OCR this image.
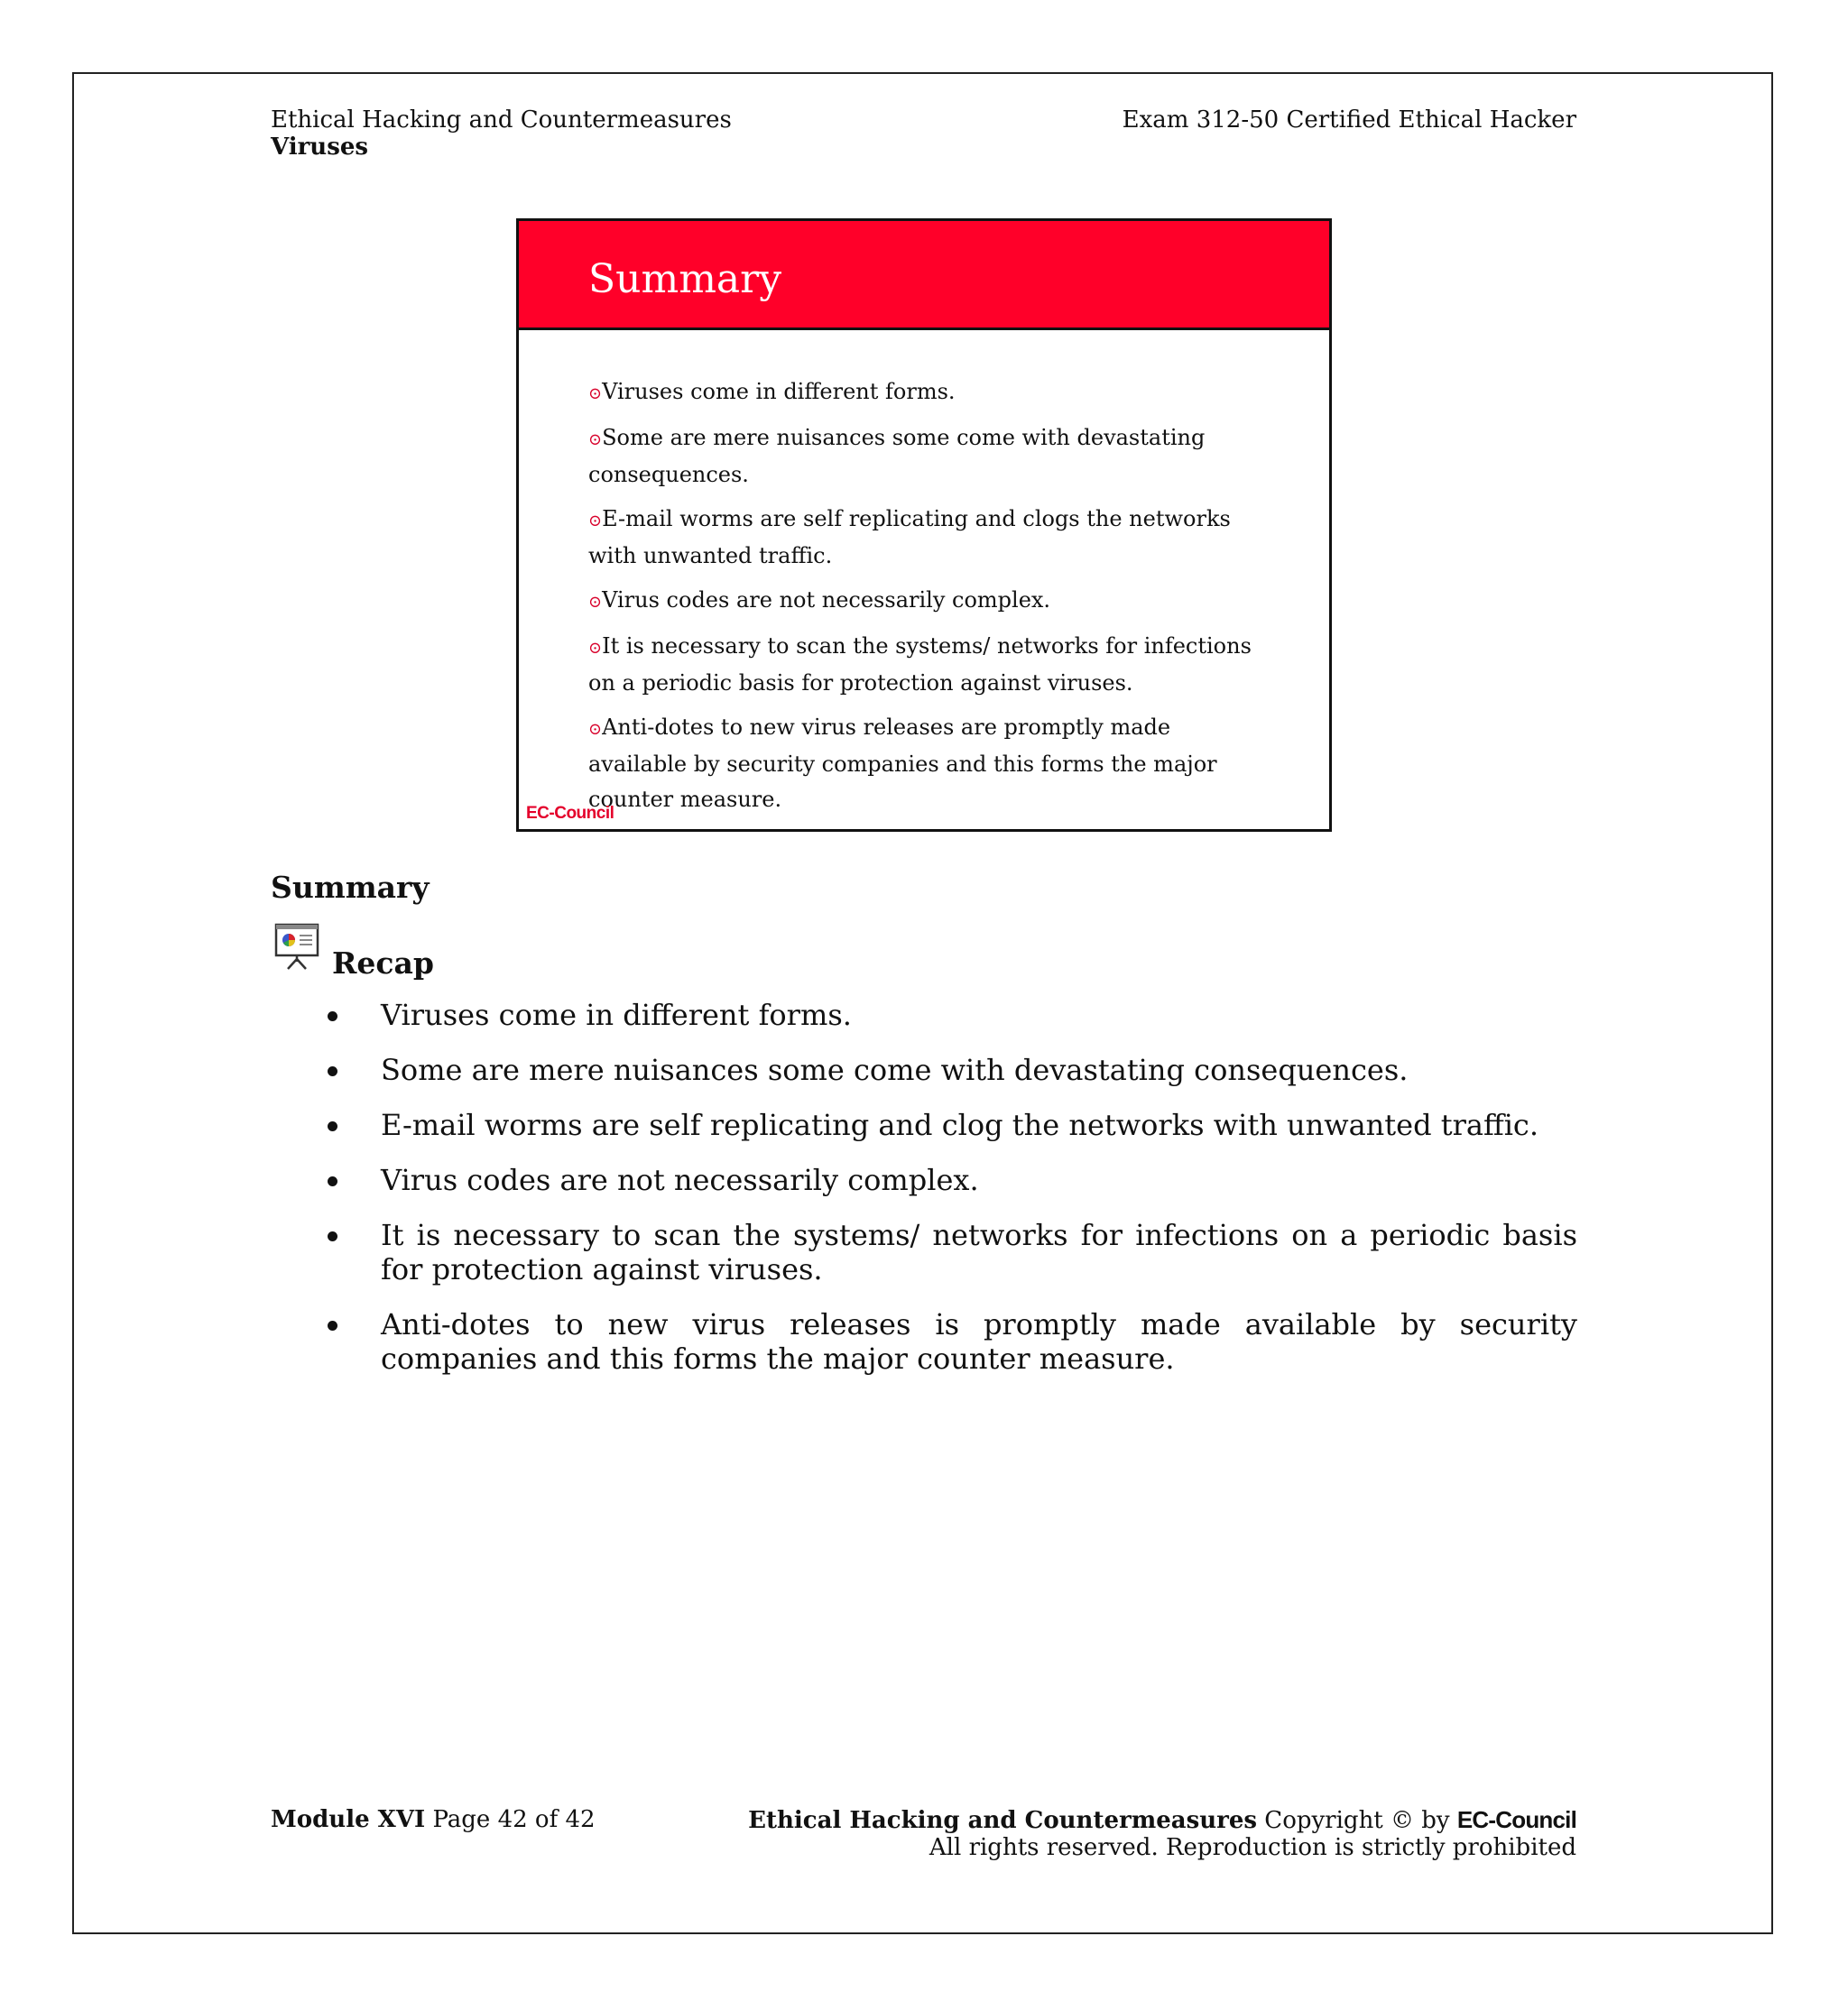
Ethical Hacking and Countermeasures
Viruses
Exam 312-50 Certified Ethical Hacker
Summary
⊙Viruses come in different forms.
⊙Some are mere nuisances some come with devastating consequences.
⊙E-mail worms are self replicating and clogs the networks with unwanted traffic.
⊙Virus codes are not necessarily complex.
⊙It is necessary to scan the systems/ networks for infections on a periodic basis for protection against viruses.
⊙Anti-dotes to new virus releases are promptly made available by security companies and this forms the major counter measure.
EC-Council
Summary
Recap
Viruses come in different forms.
Some are mere nuisances some come with devastating consequences.
E-mail worms are self replicating and clog the networks with unwanted traffic.
Virus codes are not necessarily complex.
It is necessary to scan the systems/ networks for infections on a periodic basis for protection against viruses.
Anti-dotes to new virus releases is promptly made available by security companies and this forms the major counter measure.
Module XVI Page 42 of 42	Ethical Hacking and Countermeasures Copyright © by EC-Council
All rights reserved. Reproduction is strictly prohibited
